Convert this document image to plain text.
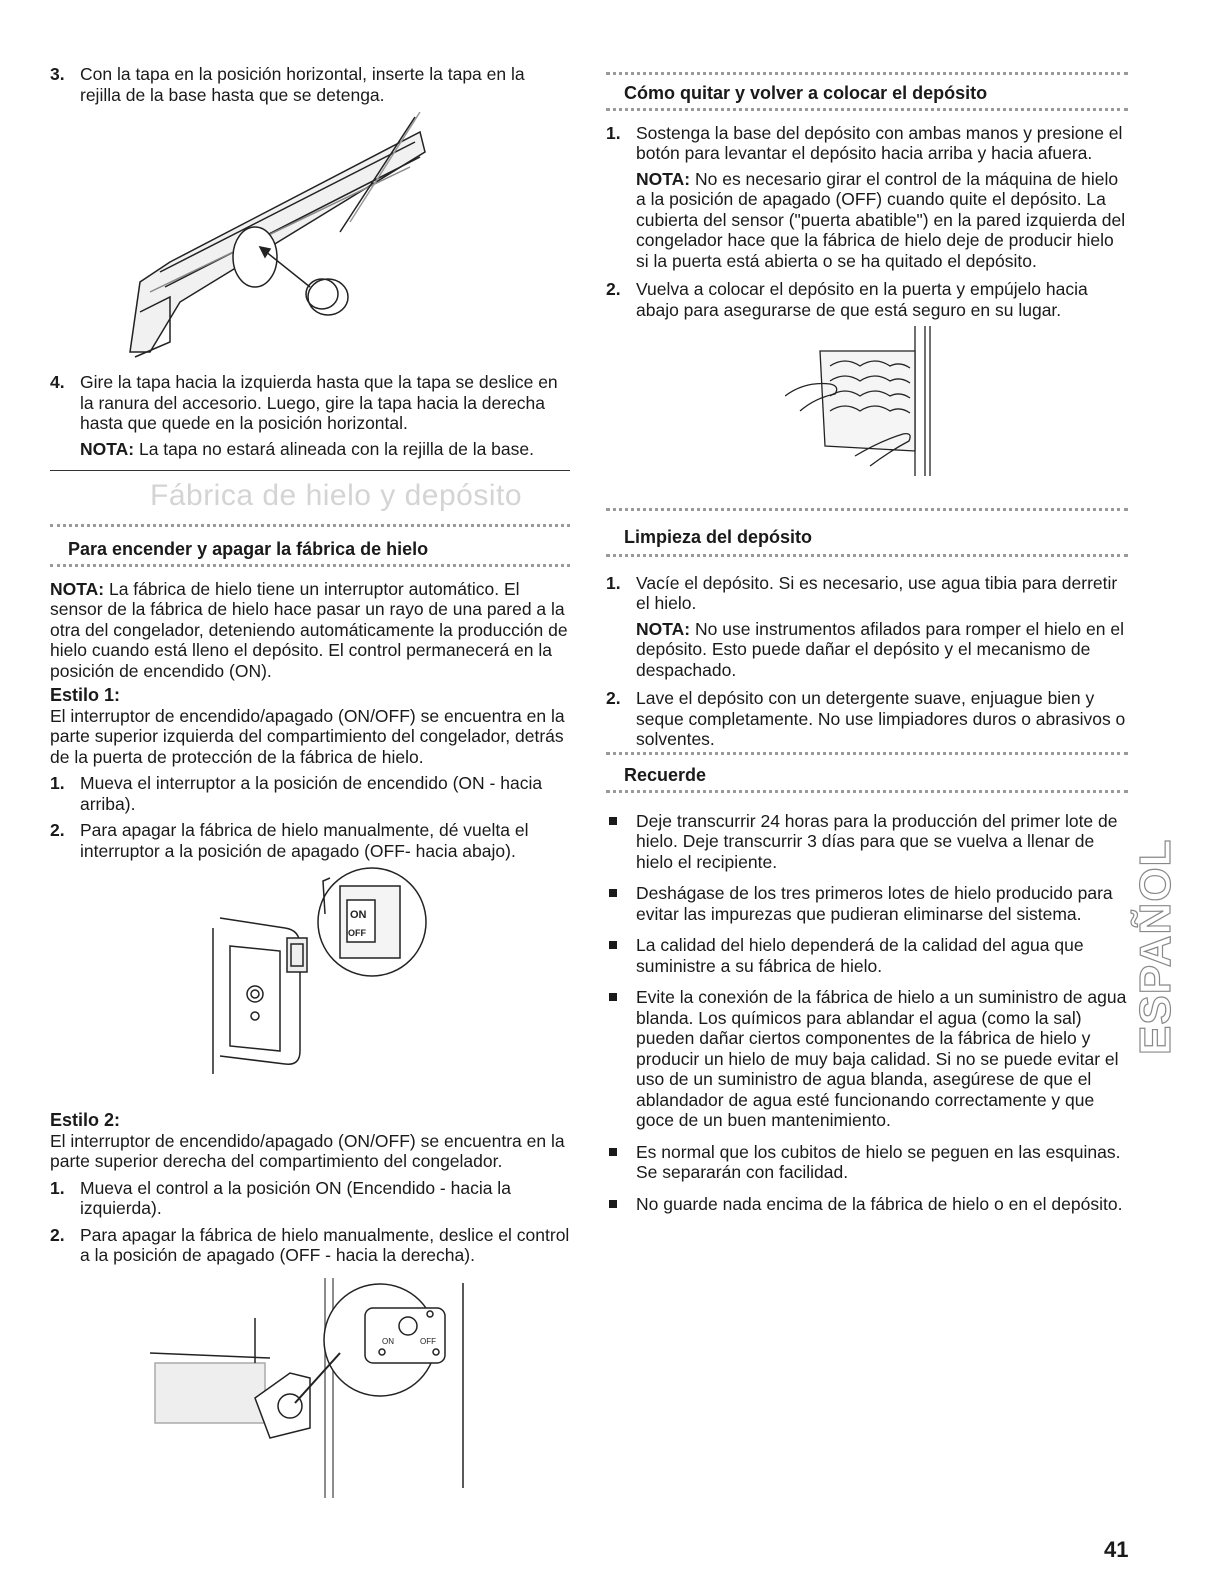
3. Con la tapa en la posición horizontal, inserte la tapa en la rejilla de la base hasta que se detenga.

4. Gire la tapa hacia la izquierda hasta que la tapa se deslice en la ranura del accesorio. Luego, gire la tapa hacia la derecha hasta que quede en la posición horizontal.

NOTA: La tapa no estará alineada con la rejilla de la base.

Fábrica de hielo y depósito
Para encender y apagar la fábrica de hielo

NOTA: La fábrica de hielo tiene un interruptor automático. El sensor de la fábrica de hielo hace pasar un rayo de una pared a la otra del congelador, deteniendo automáticamente la producción de hielo cuando está lleno el depósito. El control permanecerá en la posición de encendido (ON).

Estilo 1:

El interruptor de encendido/apagado (ON/OFF) se encuentra en la parte superior izquierda del compartimiento del congelador, detrás de la puerta de protección de la fábrica de hielo.

1. Mueva el interruptor a la posición de encendido (ON - hacia arriba).

2. Para apagar la fábrica de hielo manualmente, dé vuelta el interruptor a la posición de apagado (OFF- hacia abajo).

ON
OFF
Estilo 2:

El interruptor de encendido/apagado (ON/OFF) se encuentra en la parte superior derecha del compartimiento del congelador.

1. Mueva el control a la posición ON (Encendido - hacia la izquierda).

2. Para apagar la fábrica de hielo manualmente, deslice el control a la posición de apagado (OFF - hacia la derecha).

ON	OFF
Cómo quitar y volver a colocar el depósito
1. Sostenga la base del depósito con ambas manos y presione el botón para levantar el depósito hacia arriba y hacia afuera.

NOTA: No es necesario girar el control de la máquina de hielo a la posición de apagado (OFF) cuando quite el depósito. La cubierta del sensor ("puerta abatible") en la pared izquierda del congelador hace que la fábrica de hielo deje de producir hielo si la puerta está abierta o se ha quitado el depósito.

2. Vuelva a colocar el depósito en la puerta y empújelo hacia abajo para asegurarse de que está seguro en su lugar.

Limpieza del depósito
1. Vacíe el depósito. Si es necesario, use agua tibia para derretir el hielo.

NOTA: No use instrumentos afilados para romper el hielo en el depósito. Esto puede dañar el depósito y el mecanismo de despachado.

2. Lave el depósito con un detergente suave, enjuague bien y seque completamente. No use limpiadores duros o abrasivos o solventes.

Recuerde

Deje transcurrir 24 horas para la producción del primer lote de hielo. Deje transcurrir 3 días para que se vuelva a llenar de hielo el recipiente.

Deshágase de los tres primeros lotes de hielo producido para evitar las impurezas que pudieran eliminarse del sistema.

La calidad del hielo dependerá de la calidad del agua que suministre a su fábrica de hielo.

Evite la conexión de la fábrica de hielo a un suministro de agua blanda. Los químicos para ablandar el agua (como la sal) pueden dañar ciertos componentes de la fábrica de hielo y producir un hielo de muy baja calidad. Si no se puede evitar el uso de un suministro de agua blanda, asegúrese de que el ablandador de agua esté funcionando correctamente y que goce de un buen mantenimiento.

Es normal que los cubitos de hielo se peguen en las esquinas. Se separarán con facilidad.

No guarde nada encima de la fábrica de hielo o en el depósito.

ESPAÑOL
41
